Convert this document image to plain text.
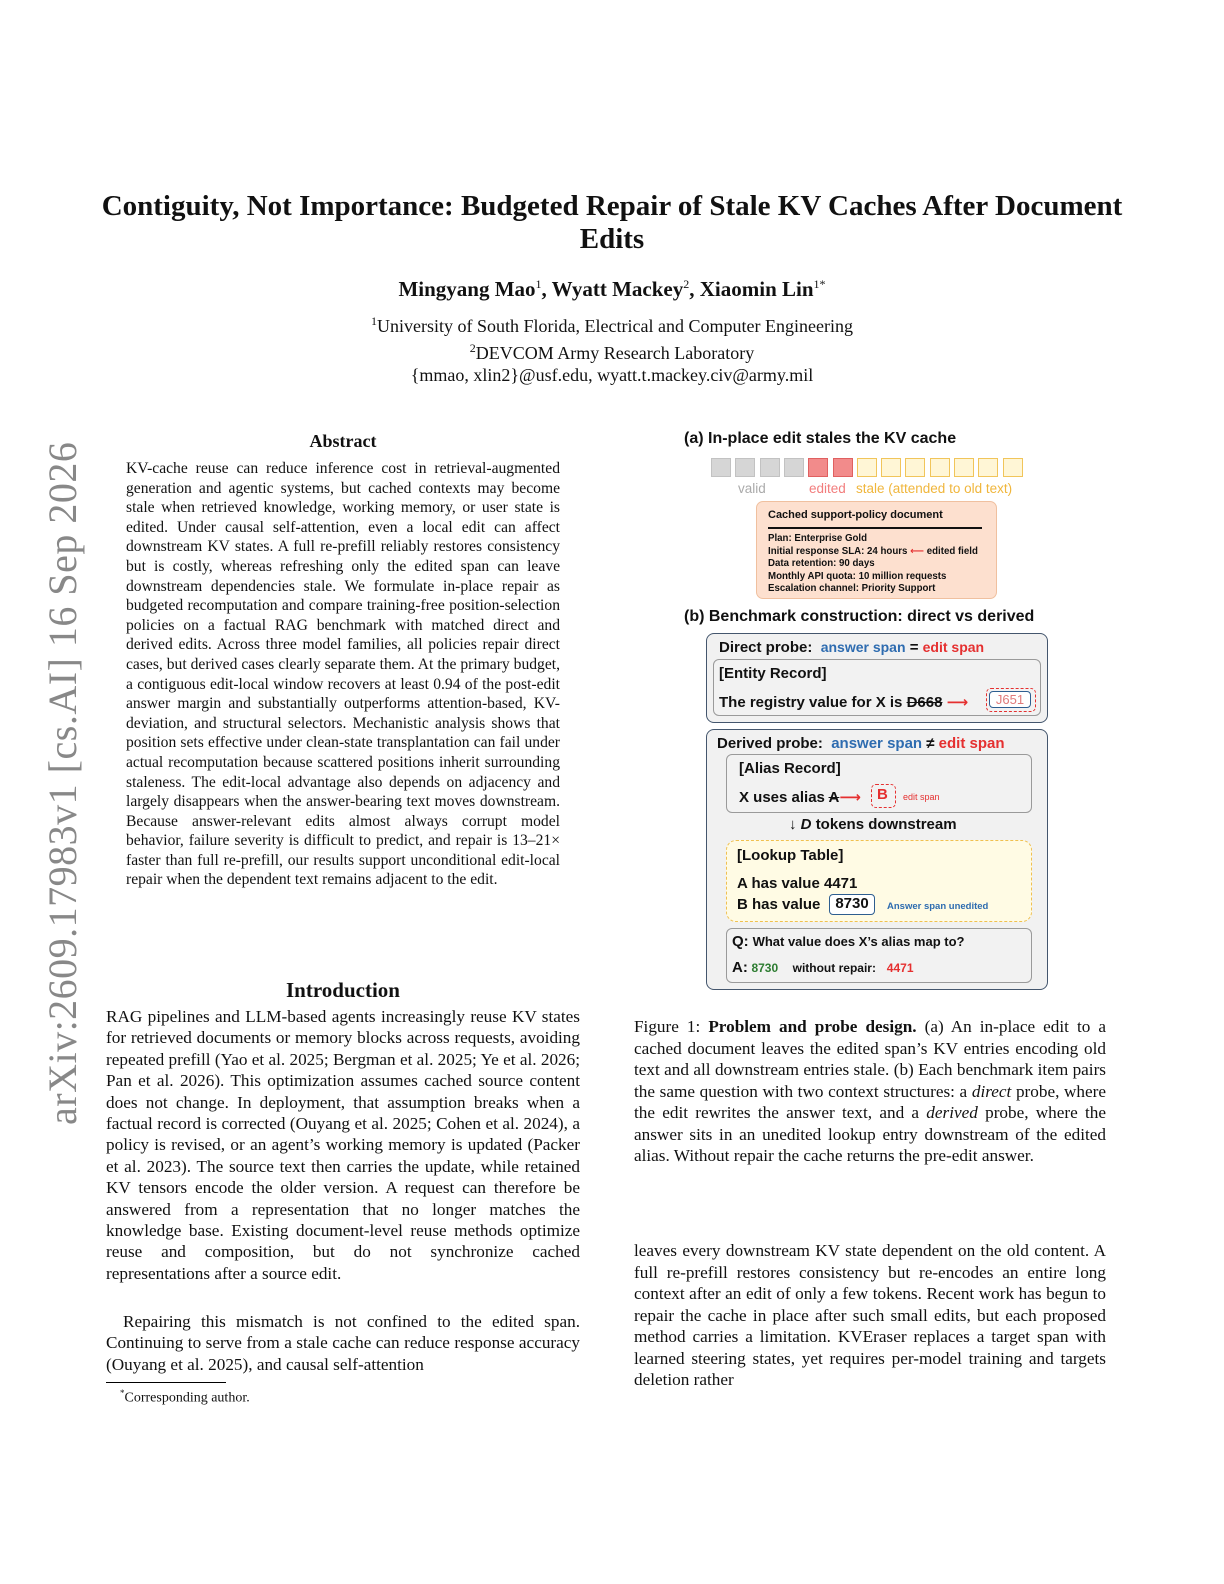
arXiv:2609.17983v1 [cs.AI] 16 Sep 2026
Contiguity, Not Importance: Budgeted Repair of Stale KV Caches After Document Edits
Mingyang Mao$^1$, Wyatt Mackey$^2$, Xiaomin Lin$^{1*}$
$^1$University of South Florida, Electrical and Computer Engineering
$^2$DEVCOM Army Research Laboratory
{mmao, xlin2}@usf.edu, wyatt.t.mackey.civ@army.mil
Abstract
KV-cache reuse can reduce inference cost in retrieval-augmented generation and agentic systems, but cached contexts may become stale when retrieved knowledge, working memory, or user state is edited. Under causal self-attention, even a local edit can affect downstream KV states. A full re-prefill reliably restores consistency but is costly, whereas refreshing only the edited span can leave downstream dependencies stale. We formulate in-place repair as budgeted recomputation and compare training-free position-selection policies on a factual RAG benchmark with matched direct and derived edits. Across three model families, all policies repair direct cases, but derived cases clearly separate them. At the primary budget, a contiguous edit-local window recovers at least 0.94 of the post-edit answer margin and substantially outperforms attention-based, KV-deviation, and structural selectors. Mechanistic analysis shows that position sets effective under clean-state transplantation can fail under actual recomputation because scattered positions inherit surrounding staleness. The edit-local advantage also depends on adjacency and largely disappears when the answer-bearing text moves downstream. Because answer-relevant edits almost always corrupt model behavior, failure severity is difficult to predict, and repair is 13–21× faster than full re-prefill, our results support unconditional edit-local repair when the dependent text remains adjacent to the edit.
Introduction
RAG pipelines and LLM-based agents increasingly reuse KV states for retrieved documents or memory blocks across requests, avoiding repeated prefill (Yao et al. 2025; Bergman et al. 2025; Ye et al. 2026; Pan et al. 2026). This optimization assumes cached source content does not change. In deployment, that assumption breaks when a factual record is corrected (Ouyang et al. 2025; Cohen et al. 2024), a policy is revised, or an agent’s working memory is updated (Packer et al. 2023). The source text then carries the update, while retained KV tensors encode the older version. A request can therefore be answered from a representation that no longer matches the knowledge base. Existing document-level reuse methods optimize reuse and composition, but do not synchronize cached representations after a source edit.
Repairing this mismatch is not confined to the edited span. Continuing to serve from a stale cache can reduce response accuracy (Ouyang et al. 2025), and causal self-attention
*Corresponding author.
(a) In-place edit stales the KV cache
valid	edited stale (attended to old text)
Cached support-policy document
Plan: Enterprise Gold
Initial response SLA: 24 hours ⟵ edited field
Data retention: 90 days
Monthly API quota: 10 million requests
Escalation channel: Priority Support
(b) Benchmark construction: direct vs derived
Direct probe: answer span = edit span
[Entity Record]
The registry value for X is D668 ⟶	J651
Derived probe: answer span ≠ edit span
[Alias Record]
X uses alias A⟶ B edit span
↓ D tokens downstream
[Lookup Table]
A has value 4471
B has value 8730	Answer span unedited
Q: What value does X’s alias map to?
A: 8730 without repair: 4471
Figure 1: Problem and probe design. (a) An in-place edit to a cached document leaves the edited span’s KV entries encoding old text and all downstream entries stale. (b) Each benchmark item pairs the same question with two context structures: a direct probe, where the edit rewrites the answer text, and a derived probe, where the answer sits in an unedited lookup entry downstream of the edited alias. Without repair the cache returns the pre-edit answer.
leaves every downstream KV state dependent on the old content. A full re-prefill restores consistency but re-encodes an entire long context after an edit of only a few tokens. Recent work has begun to repair the cache in place after such small edits, but each proposed method carries a limitation. KVEraser replaces a target span with learned steering states, yet requires per-model training and targets deletion rather
